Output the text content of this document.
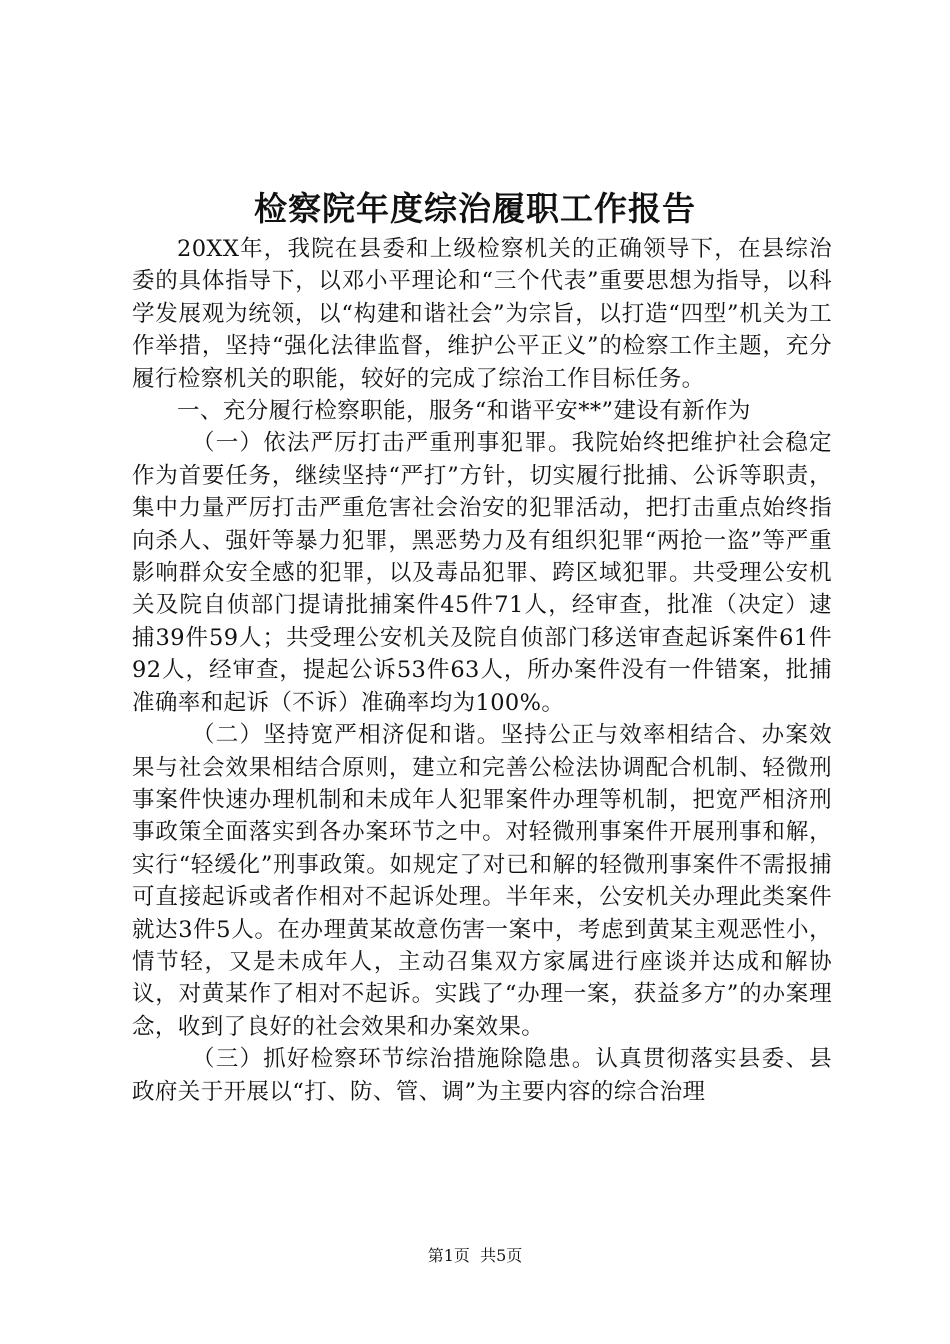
检察院年度综治履职工作报告

20XX年，我院在县委和上级检察机关的正确领导下，在县综治委的具体指导下，以邓小平理论和“三个代表”重要思想为指导，以科学发展观为统领，以“构建和谐社会”为宗旨，以打造“四型”机关为工作举措，坚持“强化法律监督，维护公平正义”的检察工作主题，充分履行检察机关的职能，较好的完成了综治工作目标任务。

一、充分履行检察职能，服务“和谐平安**”建设有新作为

（一）依法严厉打击严重刑事犯罪。我院始终把维护社会稳定作为首要任务，继续坚持“严打”方针，切实履行批捕、公诉等职责，集中力量严厉打击严重危害社会治安的犯罪活动，把打击重点始终指向杀人、强奸等暴力犯罪，黑恶势力及有组织犯罪“两抢一盗”等严重影响群众安全感的犯罪，以及毒品犯罪、跨区域犯罪。共受理公安机关及院自侦部门提请批捕案件45件71人，经审查，批准（决定）逮捕39件59人；共受理公安机关及院自侦部门移送审查起诉案件61件92人，经审查，提起公诉53件63人，所办案件没有一件错案，批捕准确率和起诉（不诉）准确率均为100%。

（二）坚持宽严相济促和谐。坚持公正与效率相结合、办案效果与社会效果相结合原则，建立和完善公检法协调配合机制、轻微刑事案件快速办理机制和未成年人犯罪案件办理等机制，把宽严相济刑事政策全面落实到各办案环节之中。对轻微刑事案件开展刑事和解，实行“轻缓化”刑事政策。如规定了对已和解的轻微刑事案件不需报捕可直接起诉或者作相对不起诉处理。半年来，公安机关办理此类案件就达3件5人。在办理黄某故意伤害一案中，考虑到黄某主观恶性小，情节轻，又是未成年人，主动召集双方家属进行座谈并达成和解协议，对黄某作了相对不起诉。实践了“办理一案，获益多方”的办案理念，收到了良好的社会效果和办案效果。

（三）抓好检察环节综治措施除隐患。认真贯彻落实县委、县政府关于开展以“打、防、管、调”为主要内容的综合治理

第1页  共5页
